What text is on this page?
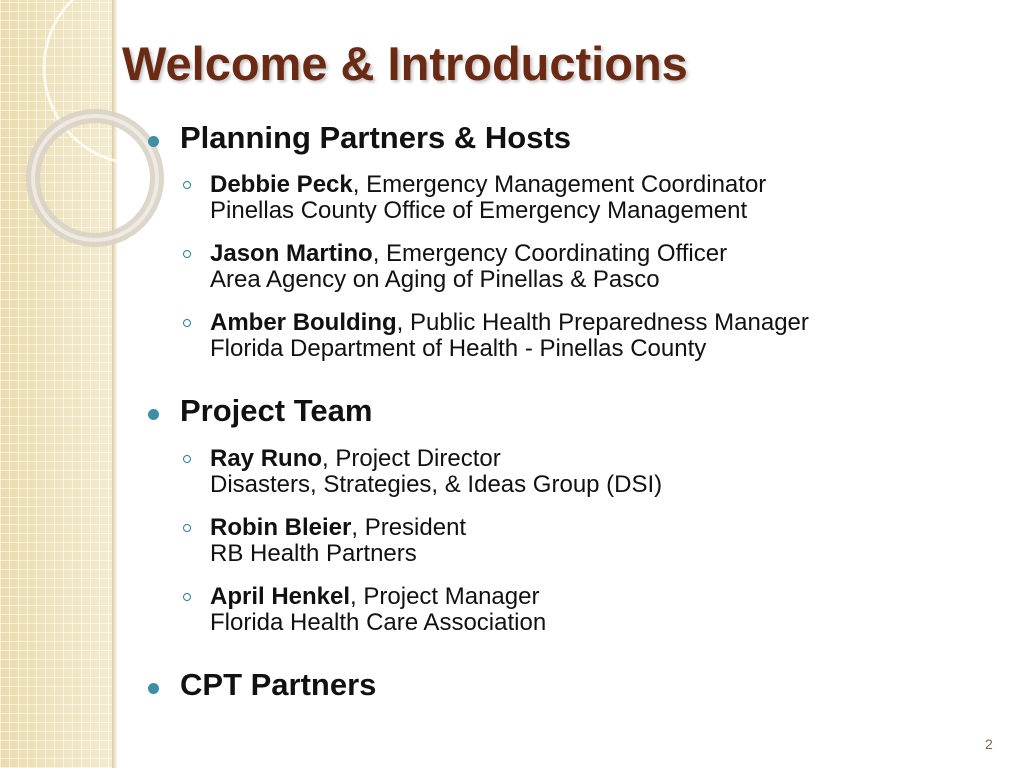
Welcome & Introductions
Planning Partners & Hosts
Debbie Peck, Emergency Management Coordinator
Pinellas County Office of Emergency Management
Jason Martino, Emergency Coordinating Officer
Area Agency on Aging of Pinellas & Pasco
Amber Boulding, Public Health Preparedness Manager
Florida Department of Health - Pinellas County
Project Team
Ray Runo, Project Director
Disasters, Strategies, & Ideas Group (DSI)
Robin Bleier, President
RB Health Partners
April Henkel, Project Manager
Florida Health Care Association
CPT Partners
2
